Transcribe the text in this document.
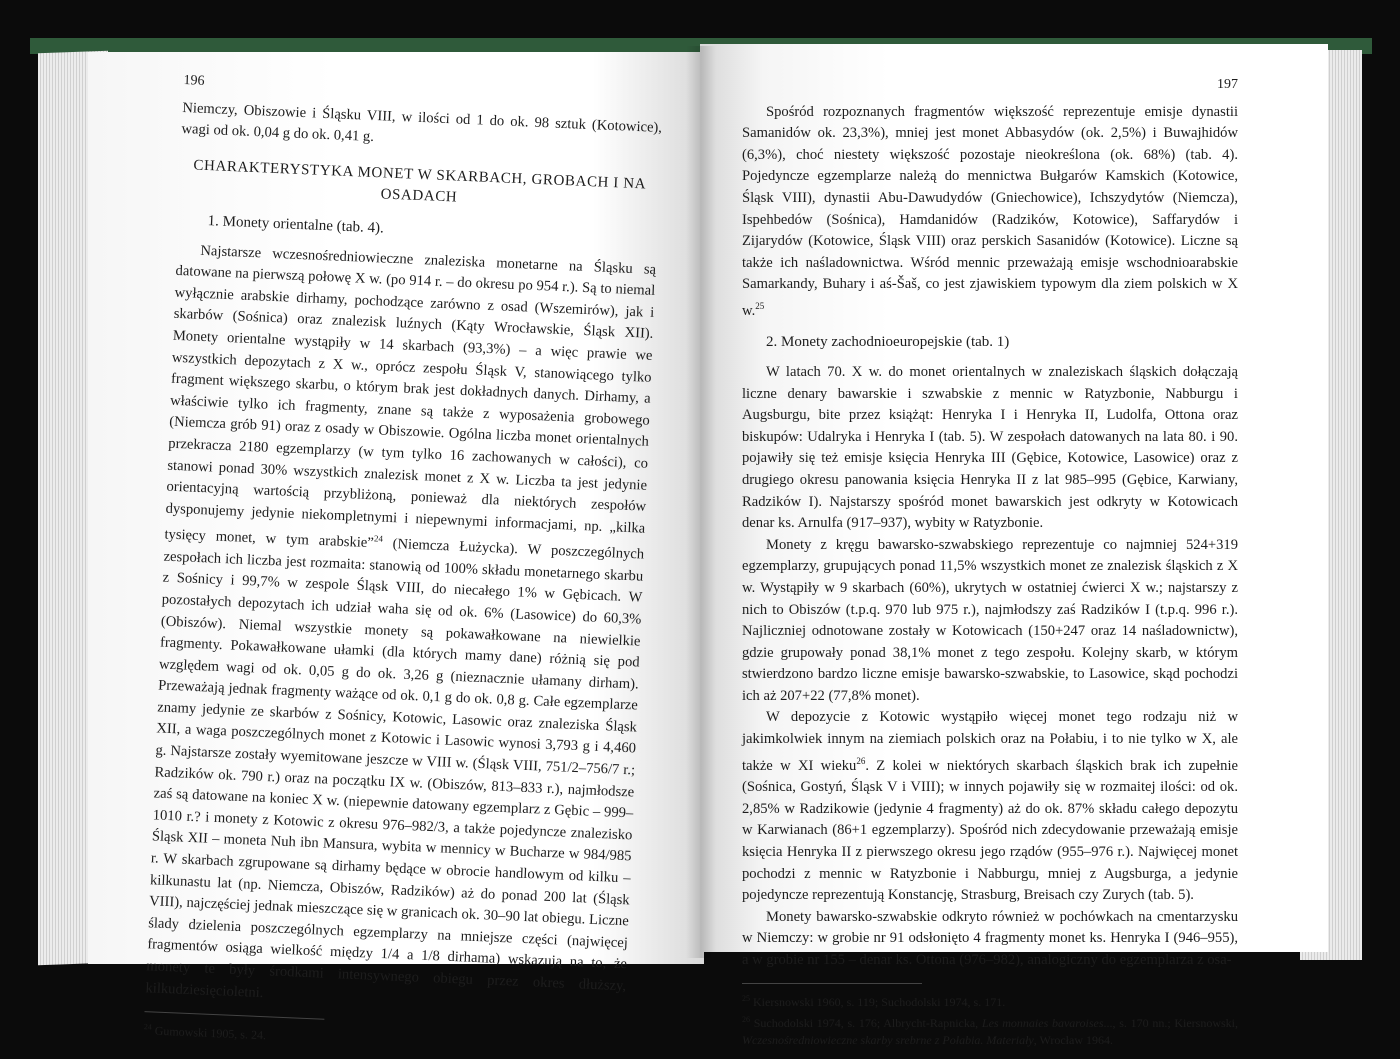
196

Niemczy, Obiszowie i Śląsku VIII, w ilości od 1 do ok. 98 sztuk (Kotowice), wagi od ok. 0,04 g do ok. 0,41 g.

CHARAKTERYSTYKA MONET W SKARBACH, GROBACH I NA OSADACH
1. Monety orientalne (tab. 4).

Najstarsze wczesnośredniowieczne znaleziska monetarne na Śląsku są datowane na pierwszą połowę X w. (po 914 r. – do okresu po 954 r.). Są to niemal wyłącznie arabskie dirhamy, pochodzące zarówno z osad (Wszemirów), jak i skarbów (Sośnica) oraz znalezisk luźnych (Kąty Wrocławskie, Śląsk XII). Monety orientalne wystąpiły w 14 skarbach (93,3%) – a więc prawie we wszystkich depozytach z X w., oprócz zespołu Śląsk V, stanowiącego tylko fragment większego skarbu, o którym brak jest dokładnych danych. Dirhamy, a właściwie tylko ich fragmenty, znane są także z wyposażenia grobowego (Niemcza grób 91) oraz z osady w Obiszowie. Ogólna liczba monet orientalnych przekracza 2180 egzemplarzy (w tym tylko 16 zachowanych w całości), co stanowi ponad 30% wszystkich znalezisk monet z X w. Liczba ta jest jedynie orientacyjną wartością przybliżoną, ponieważ dla niektórych zespołów dysponujemy jedynie niekompletnymi i niepewnymi informacjami, np. „kilka tysięcy monet, w tym arabskie”$^{24}$ (Niemcza Łużycka). W poszczególnych zespołach ich liczba jest rozmaita: stanowią od 100% składu monetarnego skarbu z Sośnicy i 99,7% w zespole Śląsk VIII, do niecałego 1% w Gębicach. W pozostałych depozytach ich udział waha się od ok. 6% (Lasowice) do 60,3% (Obiszów). Niemal wszystkie monety są pokawałkowane na niewielkie fragmenty. Pokawałkowane ułamki (dla których mamy dane) różnią się pod względem wagi od ok. 0,05 g do ok. 3,26 g (nieznacznie ułamany dirham). Przeważają jednak fragmenty ważące od ok. 0,1 g do ok. 0,8 g. Całe egzemplarze znamy jedynie ze skarbów z Sośnicy, Kotowic, Lasowic oraz znaleziska Śląsk XII, a waga poszczególnych monet z Kotowic i Lasowic wynosi 3,793 g i 4,460 g. Najstarsze zostały wyemitowane jeszcze w VIII w. (Śląsk VIII, 751/2–756/7 r.; Radzików ok. 790 r.) oraz na początku IX w. (Obiszów, 813–833 r.), najmłodsze zaś są datowane na koniec X w. (niepewnie datowany egzemplarz z Gębic – 999–1010 r.? i monety z Kotowic z okresu 976–982/3, a także pojedyncze znalezisko Śląsk XII – moneta Nuh ibn Mansura, wybita w mennicy w Bucharze w 984/985 r. W skarbach zgrupowane są dirhamy będące w obrocie handlowym od kilku – kilkunastu lat (np. Niemcza, Obiszów, Radzików) aż do ponad 200 lat (Śląsk VIII), najczęściej jednak mieszczące się w granicach ok. 30–90 lat obiegu. Liczne ślady dzielenia poszczególnych egzemplarzy na mniejsze części (najwięcej fragmentów osiąga wielkość między 1/4 a 1/8 dirhama) wskazują na to, że monety te były środkami intensywnego obiegu przez okres dłuższy, kilkudziesięcioletni.

$^{24}$ Gumowski 1905, s. 24.

197

Spośród rozpoznanych fragmentów większość reprezentuje emisje dynastii Samanidów ok. 23,3%), mniej jest monet Abbasydów (ok. 2,5%) i Buwajhidów (6,3%), choć niestety większość pozostaje nieokreślona (ok. 68%) (tab. 4). Pojedyncze egzemplarze należą do mennictwa Bułgarów Kamskich (Kotowice, Śląsk VIII), dynastii Abu-Dawudydów (Gniechowice), Ichszydytów (Niemcza), Ispehbedów (Sośnica), Hamdanidów (Radzików, Kotowice), Saffarydów i Zijarydów (Kotowice, Śląsk VIII) oraz perskich Sasanidów (Kotowice). Liczne są także ich naśladownictwa. Wśród mennic przeważają emisje wschodnioarabskie Samarkandy, Buhary i aś-Šaš, co jest zjawiskiem typowym dla ziem polskich w X w.$^{25}$

2. Monety zachodnioeuropejskie (tab. 1)

W latach 70. X w. do monet orientalnych w znaleziskach śląskich dołączają liczne denary bawarskie i szwabskie z mennic w Ratyzbonie, Nabburgu i Augsburgu, bite przez książąt: Henryka I i Henryka II, Ludolfa, Ottona oraz biskupów: Udalryka i Henryka I (tab. 5). W zespołach datowanych na lata 80. i 90. pojawiły się też emisje księcia Henryka III (Gębice, Kotowice, Lasowice) oraz z drugiego okresu panowania księcia Henryka II z lat 985–995 (Gębice, Karwiany, Radzików I). Najstarszy spośród monet bawarskich jest odkryty w Kotowicach denar ks. Arnulfa (917–937), wybity w Ratyzbonie.

Monety z kręgu bawarsko-szwabskiego reprezentuje co najmniej 524+319 egzemplarzy, grupujących ponad 11,5% wszystkich monet ze znalezisk śląskich z X w. Wystąpiły w 9 skarbach (60%), ukrytych w ostatniej ćwierci X w.; najstarszy z nich to Obiszów (t.p.q. 970 lub 975 r.), najmłodszy zaś Radzików I (t.p.q. 996 r.). Najliczniej odnotowane zostały w Kotowicach (150+247 oraz 14 naśladownictw), gdzie grupowały ponad 38,1% monet z tego zespołu. Kolejny skarb, w którym stwierdzono bardzo liczne emisje bawarsko-szwabskie, to Lasowice, skąd pochodzi ich aż 207+22 (77,8% monet).

W depozycie z Kotowic wystąpiło więcej monet tego rodzaju niż w jakimkolwiek innym na ziemiach polskich oraz na Połabiu, i to nie tylko w X, ale także w XI wieku$^{26}$. Z kolei w niektórych skarbach śląskich brak ich zupełnie (Sośnica, Gostyń, Śląsk V i VIII); w innych pojawiły się w rozmaitej ilości: od ok. 2,85% w Radzikowie (jedynie 4 fragmenty) aż do ok. 87% składu całego depozytu w Karwianach (86+1 egzemplarzy). Spośród nich zdecydowanie przeważają emisje księcia Henryka II z pierwszego okresu jego rządów (955–976 r.). Najwięcej monet pochodzi z mennic w Ratyzbonie i Nabburgu, mniej z Augsburga, a jedynie pojedyncze reprezentują Konstancję, Strasburg, Breisach czy Zurych (tab. 5).

Monety bawarsko-szwabskie odkryto również w pochówkach na cmentarzysku w Niemczy: w grobie nr 91 odsłonięto 4 fragmenty monet ks. Henryka I (946–955), a w grobie nr 155 – denar ks. Ottona (976–982), analogiczny do egzemplarza z osa-

$^{25}$ Kiersnowski 1960, s. 119; Suchodolski 1974, s. 171.

$^{26}$ Suchodolski 1974, s. 176; Albrycht-Rapnicka, Les monnaies bavaroises..., s. 170 nn.; Kiersnowski, Wczesnośredniowieczne skarby srebrne z Połabia. Materiały, Wrocław 1964.
